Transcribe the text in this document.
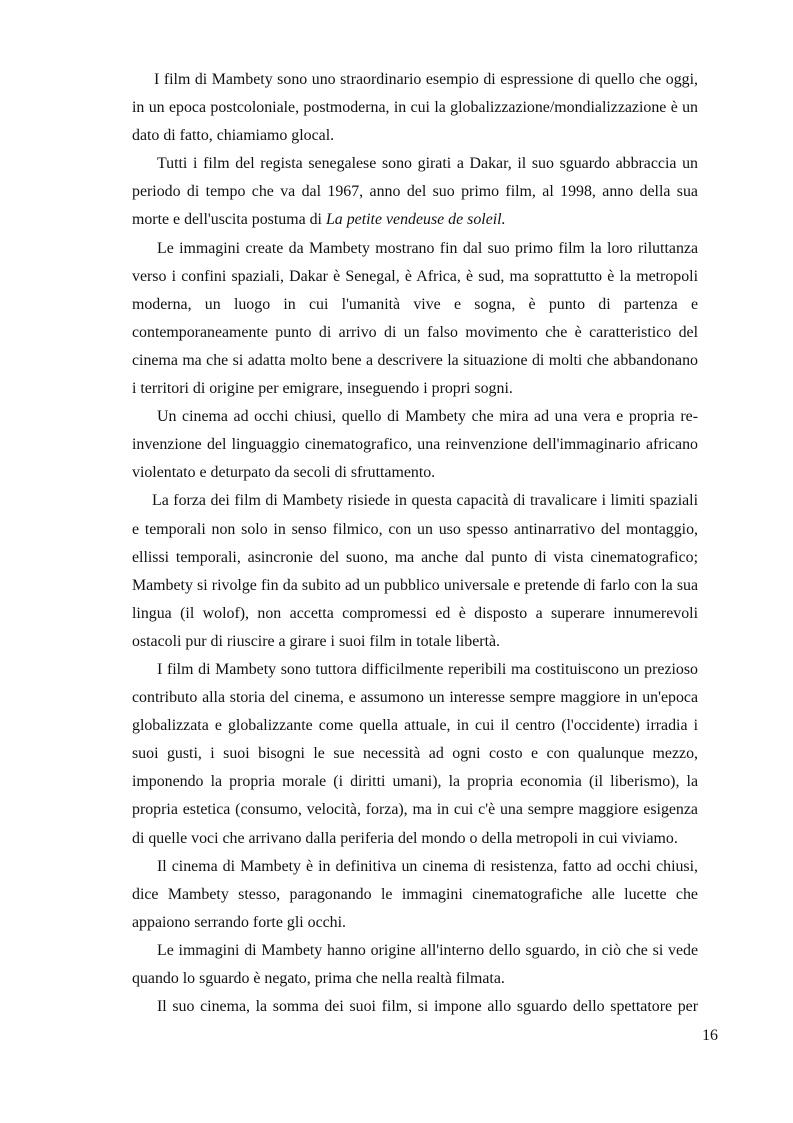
I film di Mambety sono uno straordinario esempio di espressione di quello che oggi, in un epoca postcoloniale, postmoderna, in cui la globalizzazione/mondializzazione è un dato di fatto, chiamiamo glocal.

Tutti i film del regista senegalese sono girati a Dakar, il suo sguardo abbraccia un periodo di tempo che va dal 1967, anno del suo primo film, al 1998, anno della sua morte e dell'uscita postuma di La petite vendeuse de soleil.

Le immagini create da Mambety mostrano fin dal suo primo film la loro riluttanza verso i confini spaziali, Dakar è Senegal, è Africa, è sud, ma soprattutto è la metropoli moderna, un luogo in cui l'umanità vive e sogna, è punto di partenza e contemporaneamente punto di arrivo di un falso movimento che è caratteristico del cinema ma che si adatta molto bene a descrivere la situazione di molti che abbandonano i territori di origine per emigrare, inseguendo i propri sogni.

Un cinema ad occhi chiusi, quello di Mambety che mira ad una vera e propria re-invenzione del linguaggio cinematografico, una reinvenzione dell'immaginario africano violentato e deturpato da secoli di sfruttamento.

La forza dei film di Mambety risiede in questa capacità di travalicare i limiti spaziali e temporali non solo in senso filmico, con un uso spesso antinarrativo del montaggio, ellissi temporali, asincronie del suono, ma anche dal punto di vista cinematografico; Mambety si rivolge fin da subito ad un pubblico universale e pretende di farlo con la sua lingua (il wolof), non accetta compromessi ed è disposto a superare innumerevoli ostacoli pur di riuscire a girare i suoi film in totale libertà.

I film di Mambety sono tuttora difficilmente reperibili ma costituiscono un prezioso contributo alla storia del cinema, e assumono un interesse sempre maggiore in un'epoca globalizzata e globalizzante come quella attuale, in cui il centro (l'occidente) irradia i suoi gusti, i suoi bisogni le sue necessità ad ogni costo e con qualunque mezzo, imponendo la propria morale (i diritti umani), la propria economia (il liberismo), la propria estetica (consumo, velocità, forza), ma in cui c'è una sempre maggiore esigenza di quelle voci che arrivano dalla periferia del mondo o della metropoli in cui viviamo.

Il cinema di Mambety è in definitiva un cinema di resistenza, fatto ad occhi chiusi, dice Mambety stesso, paragonando le immagini cinematografiche alle lucette che appaiono serrando forte gli occhi.

Le immagini di Mambety hanno origine all'interno dello sguardo, in ciò che si vede quando lo sguardo è negato, prima che nella realtà filmata.

Il suo cinema, la somma dei suoi film, si impone allo sguardo dello spettatore per

16
